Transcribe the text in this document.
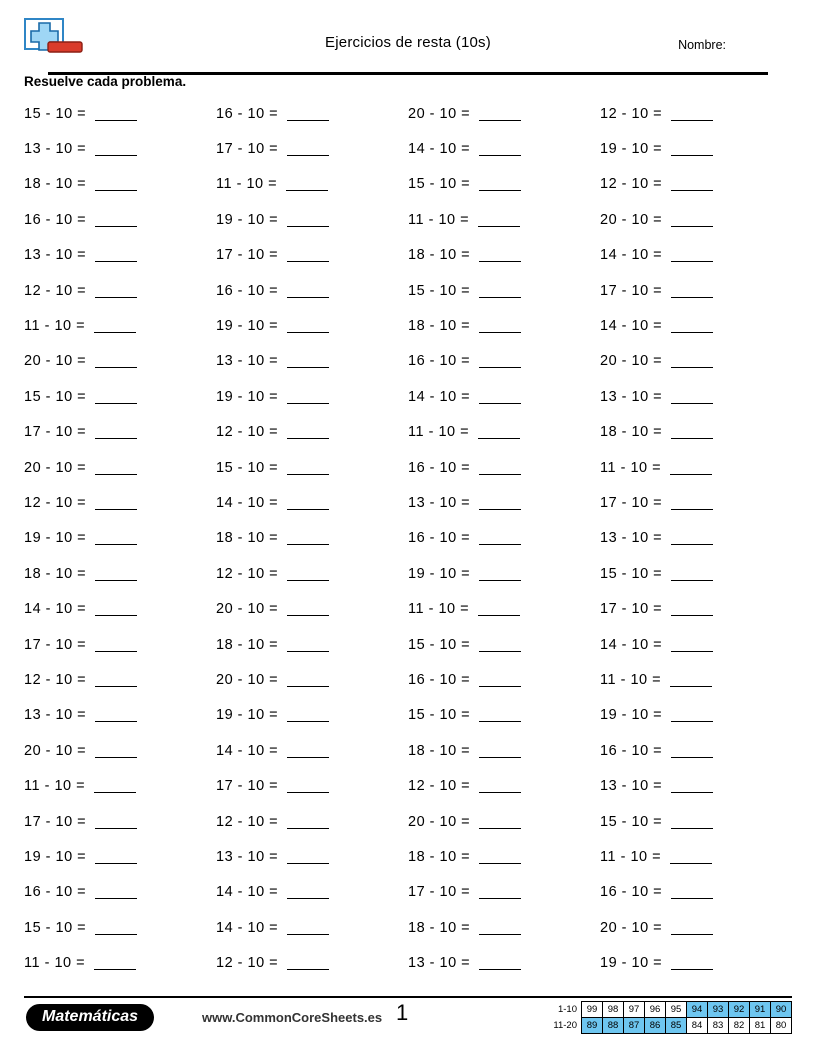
Ejercicios de resta (10s)	Nombre:
Resuelve cada problema.
15 - 10 =	16 - 10 =	20 - 10 =	12 - 10 =
13 - 10 =	17 - 10 =	14 - 10 =	19 - 10 =
18 - 10 =	11 - 10 =	15 - 10 =	12 - 10 =
16 - 10 =	19 - 10 =	11 - 10 =	20 - 10 =
13 - 10 =	17 - 10 =	18 - 10 =	14 - 10 =
12 - 10 =	16 - 10 =	15 - 10 =	17 - 10 =
11 - 10 =	19 - 10 =	18 - 10 =	14 - 10 =
20 - 10 =	13 - 10 =	16 - 10 =	20 - 10 =
15 - 10 =	19 - 10 =	14 - 10 =	13 - 10 =
17 - 10 =	12 - 10 =	11 - 10 =	18 - 10 =
20 - 10 =	15 - 10 =	16 - 10 =	11 - 10 =
12 - 10 =	14 - 10 =	13 - 10 =	17 - 10 =
19 - 10 =	18 - 10 =	16 - 10 =	13 - 10 =
18 - 10 =	12 - 10 =	19 - 10 =	15 - 10 =
14 - 10 =	20 - 10 =	11 - 10 =	17 - 10 =
17 - 10 =	18 - 10 =	15 - 10 =	14 - 10 =
12 - 10 =	20 - 10 =	16 - 10 =	11 - 10 =
13 - 10 =	19 - 10 =	15 - 10 =	19 - 10 =
20 - 10 =	14 - 10 =	18 - 10 =	16 - 10 =
11 - 10 =	17 - 10 =	12 - 10 =	13 - 10 =
17 - 10 =	12 - 10 =	20 - 10 =	15 - 10 =
19 - 10 =	13 - 10 =	18 - 10 =	11 - 10 =
16 - 10 =	14 - 10 =	17 - 10 =	16 - 10 =
15 - 10 =	14 - 10 =	18 - 10 =	20 - 10 =
11 - 10 =	12 - 10 =	13 - 10 =	19 - 10 =
Matemáticas	www.CommonCoreSheets.es 1	1-10	99	98	97	96	95	94	93	92	91	90
11-20	89	88	87	86	85	84	83	82	81	80
